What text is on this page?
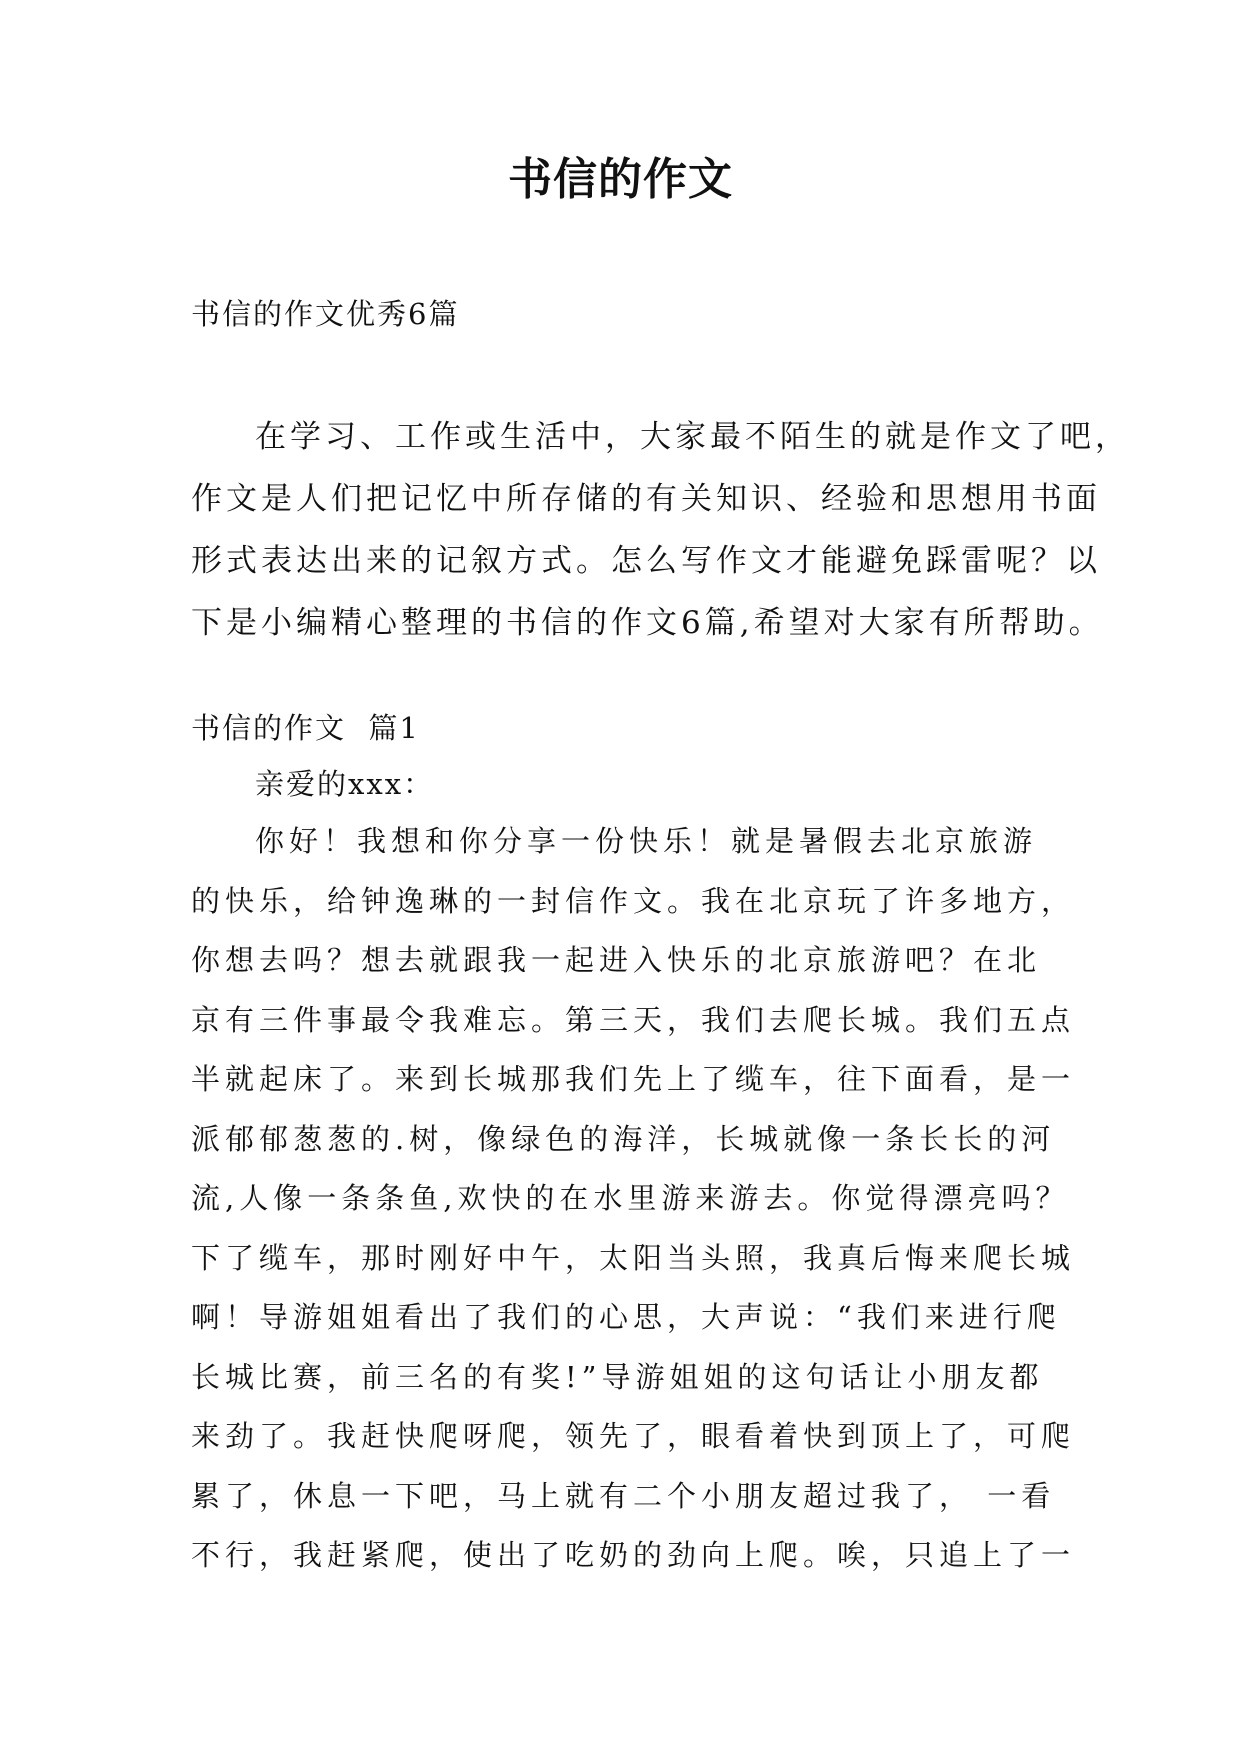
书信的作文
书信的作文优秀6篇
在学习、工作或生活中，大家最不陌生的就是作文了吧，
作文是人们把记忆中所存储的有关知识、经验和思想用书面
形式表达出来的记叙方式。怎么写作文才能避免踩雷呢？以
下是小编精心整理的书信的作文6篇,希望对大家有所帮助。
书信的作文  篇1
亲爱的xxx：
你好！我想和你分享一份快乐！就是暑假去北京旅游
的快乐，给钟逸琳的一封信作文。我在北京玩了许多地方，
你想去吗？想去就跟我一起进入快乐的北京旅游吧？在北
京有三件事最令我难忘。第三天，我们去爬长城。我们五点
半就起床了。来到长城那我们先上了缆车，往下面看，是一
派郁郁葱葱的.树，像绿色的海洋，长城就像一条长长的河
流,人像一条条鱼,欢快的在水里游来游去。你觉得漂亮吗？
下了缆车，那时刚好中午，太阳当头照，我真后悔来爬长城
啊！导游姐姐看出了我们的心思，大声说：“我们来进行爬
长城比赛，前三名的有奖!”导游姐姐的这句话让小朋友都
来劲了。我赶快爬呀爬，领先了，眼看着快到顶上了，可爬
累了，休息一下吧，马上就有二个小朋友超过我了， 一看
不行，我赶紧爬，使出了吃奶的劲向上爬。唉，只追上了一
